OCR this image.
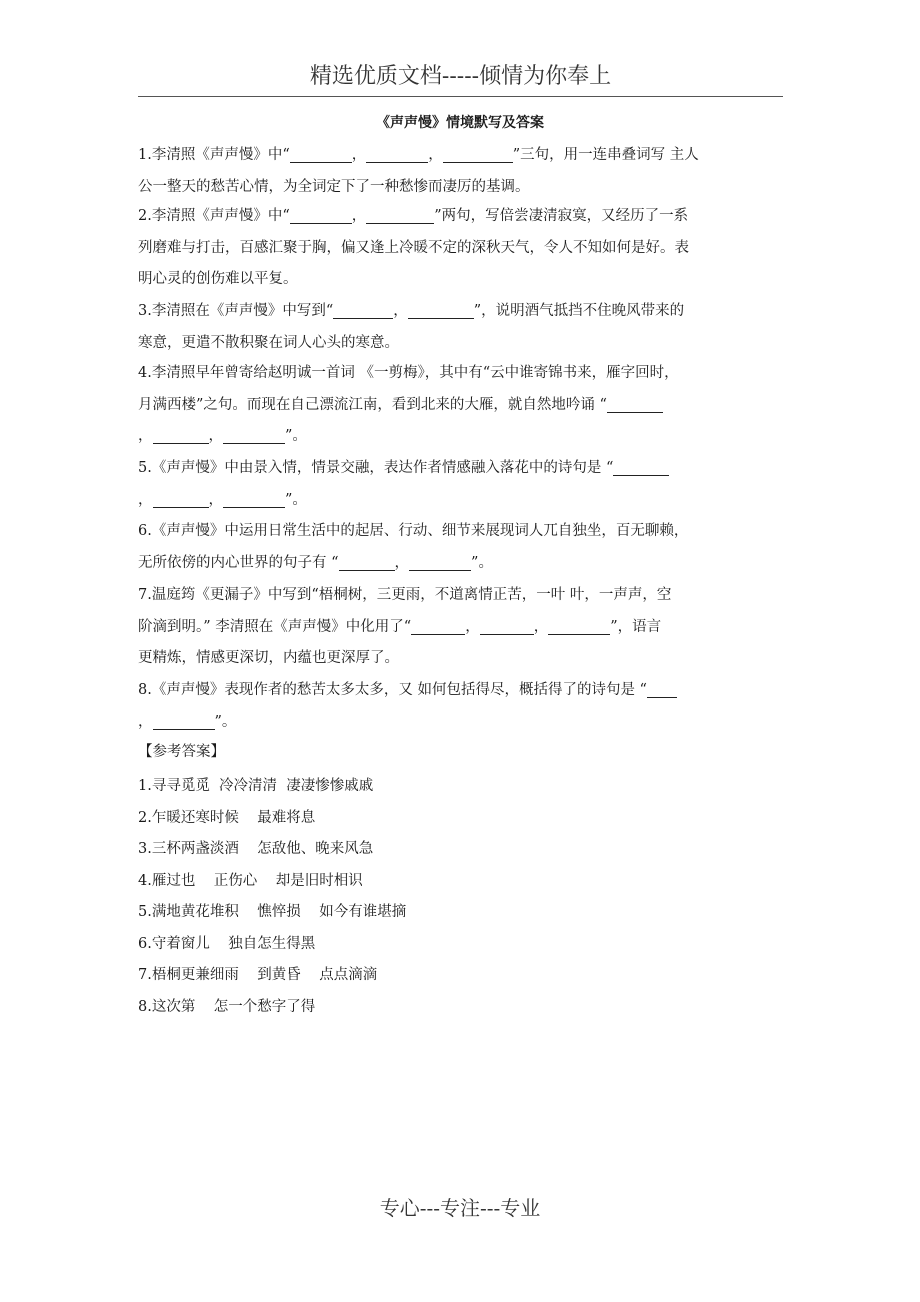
精选优质文档-----倾情为你奉上
《声声慢》情境默写及答案
1.李清照《声声慢》中“	，	，	”三句，用一连串叠词写 主人
公一整天的愁苦心情，为全词定下了一种愁惨而凄厉的基调。
2.李清照《声声慢》中“	，	”两句，写倍尝凄清寂寞，又经历了一系
列磨难与打击，百感汇聚于胸，偏又逢上冷暖不定的深秋天气，令人不知如何是好。表
明心灵的创伤难以平复。
3.李清照在《声声慢》中写到“	，	”，说明酒气抵挡不住晚风带来的
寒意，更遣不散积聚在词人心头的寒意。
4.李清照早年曾寄给赵明诚一首词 《一剪梅》，其中有“云中谁寄锦书来，雁字回时，
月满西楼”之句。而现在自己漂流江南，看到北来的大雁，就自然地吟诵 “
，	，	”。
5.《声声慢》中由景入情，情景交融，表达作者情感融入落花中的诗句是 “
，	，	”。
6.《声声慢》中运用日常生活中的起居、行动、细节来展现词人兀自独坐，百无聊赖，
无所依傍的内心世界的句子有 “	，	”。
7.温庭筠《更漏子》中写到“梧桐树，三更雨，不道离情正苦，一叶 叶，一声声，空
阶滴到明。” 李清照在《声声慢》中化用了“	，	，	”，语言
更精炼，情感更深切，内蕴也更深厚了。
8.《声声慢》表现作者的愁苦太多太多，又 如何包括得尽，概括得了的诗句是 “
，	”。
【参考答案】
1.寻寻觅觅  冷冷清清  凄凄惨惨戚戚
2.乍暖还寒时候    最难将息
3.三杯两盏淡酒    怎敌他、晚来风急
4.雁过也    正伤心    却是旧时相识
5.满地黄花堆积    憔悴损    如今有谁堪摘
6.守着窗儿    独自怎生得黑
7.梧桐更兼细雨    到黄昏    点点滴滴
8.这次第    怎一个愁字了得
专心---专注---专业
